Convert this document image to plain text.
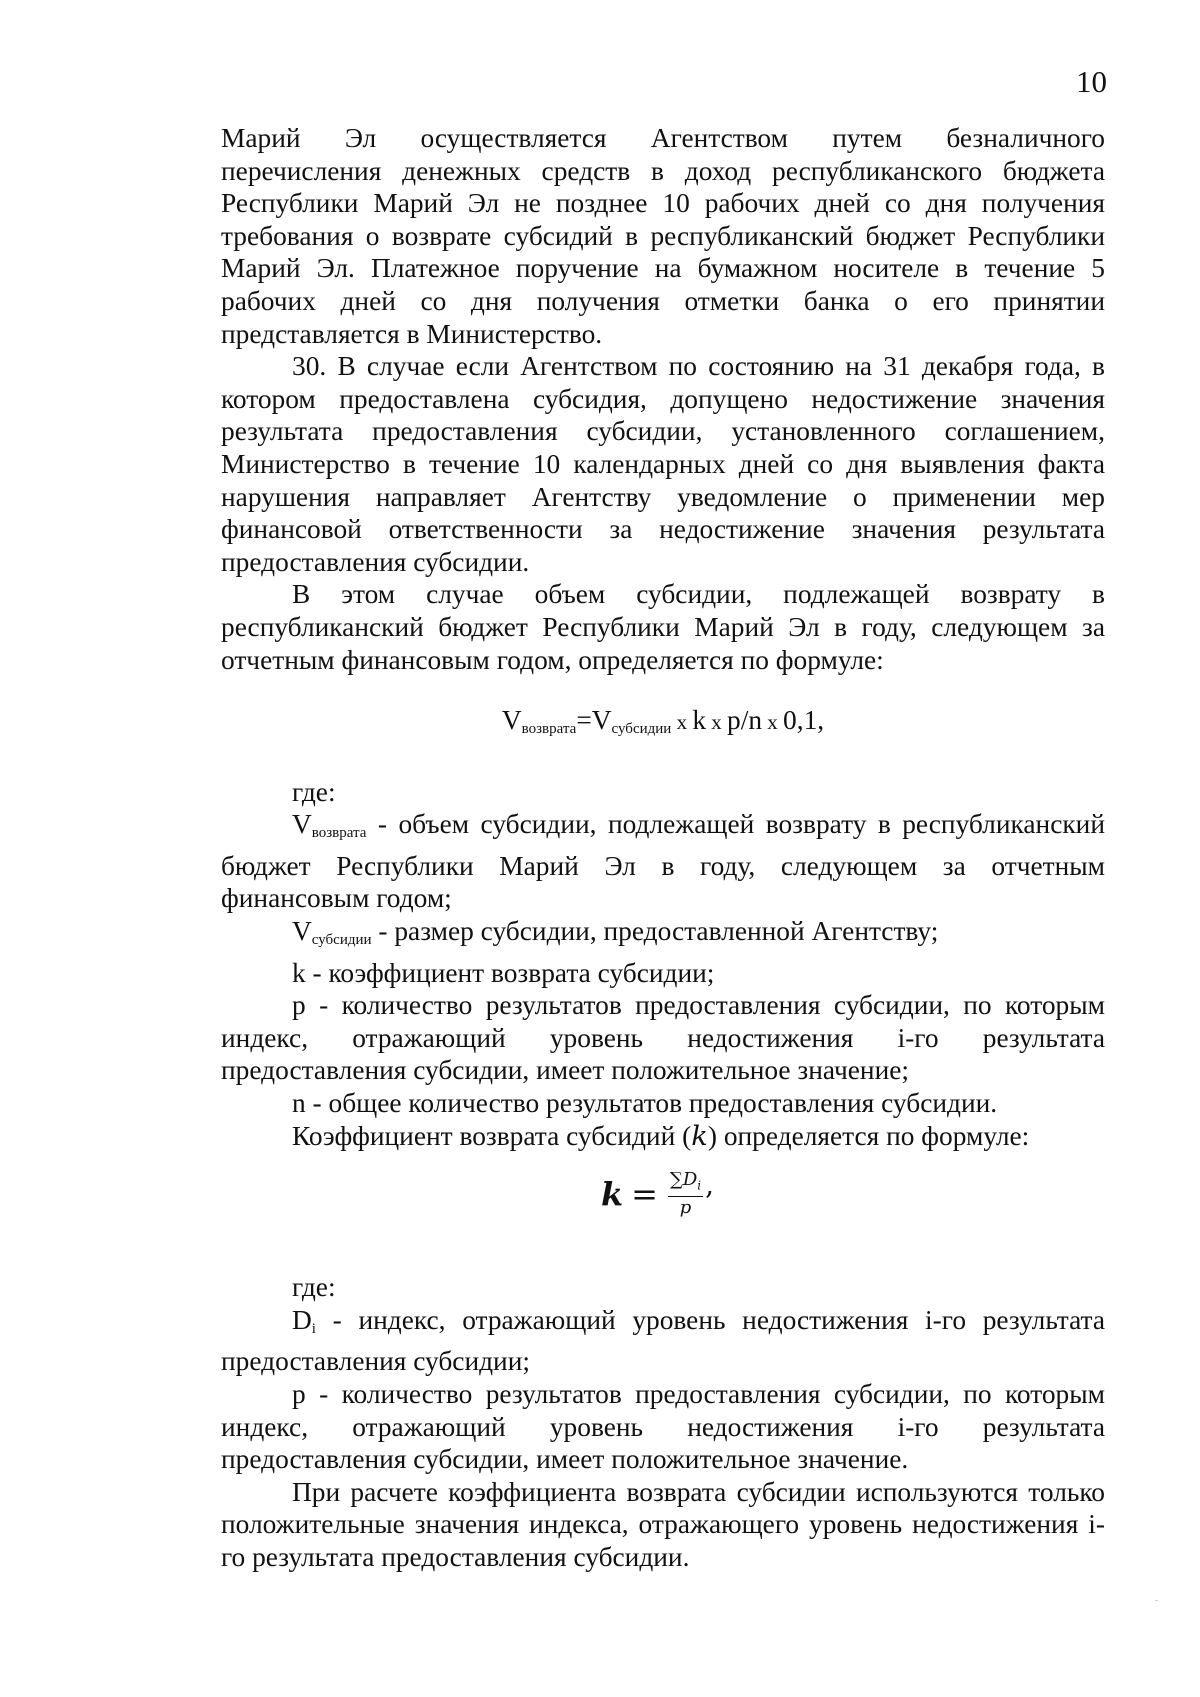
10

Марий Эл осуществляется Агентством путем безналичного

перечисления денежных средств в доход республиканского бюджета Республики Марий Эл не позднее 10 рабочих дней со дня получения требования о возврате субсидий в республиканский бюджет Республики Марий Эл. Платежное поручение на бумажном носителе в течение 5 рабочих дней со дня получения отметки банка о его принятии представляется в Министерство.

30. В случае если Агентством по состоянию на 31 декабря года, в котором предоставлена субсидия, допущено недостижение значения результата предоставления субсидии, установленного соглашением, Министерство в течение 10 календарных дней со дня выявления факта нарушения направляет Агентству уведомление о применении мер финансовой ответственности за недостижение значения результата предоставления субсидии.

В этом случае объем субсидии, подлежащей возврату в республиканский бюджет Республики Марий Эл в году, следующем за отчетным финансовым годом, определяется по формуле:

$V_{возврата}=V_{субсидии}$ x k x p/n x 0,1,

где:

$V_{возврата}$ - объем субсидии, подлежащей возврату в республиканский бюджет Республики Марий Эл в году, следующем за отчетным финансовым годом;

$V_{субсидии}$ - размер субсидии, предоставленной Агентству;

k - коэффициент возврата субсидии;

p - количество результатов предоставления субсидии, по которым индекс, отражающий уровень недостижения i-го результата предоставления субсидии, имеет положительное значение;

n - общее количество результатов предоставления субсидии.

Коэффициент возврата субсидий (k) определяется по формуле:

$k = \frac{\sum D_i}{p}$ ,

где:

$D_i$ - индекс, отражающий уровень недостижения i-го результата предоставления субсидии;

p - количество результатов предоставления субсидии, по которым индекс, отражающий уровень недостижения i-го результата предоставления субсидии, имеет положительное значение.

При расчете коэффициента возврата субсидии используются только положительные значения индекса, отражающего уровень недостижения i-го результата предоставления субсидии.
